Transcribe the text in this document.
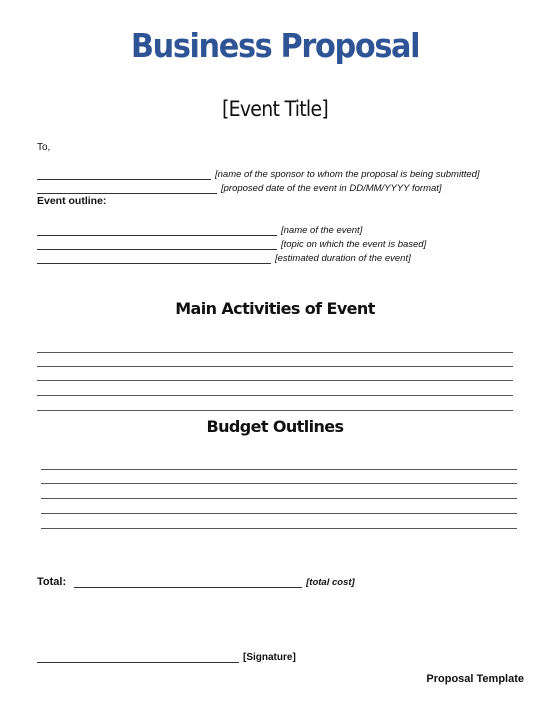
Business Proposal
[Event Title]
To,
[name of the sponsor to whom the proposal is being submitted]
[proposed date of the event in DD/MM/YYYY format]
Event outline:
[name of the event]
[topic on which the event is based]
[estimated duration of the event]
Main Activities of Event
Budget Outlines
Total:	[total cost]
[Signature]
Proposal Template
